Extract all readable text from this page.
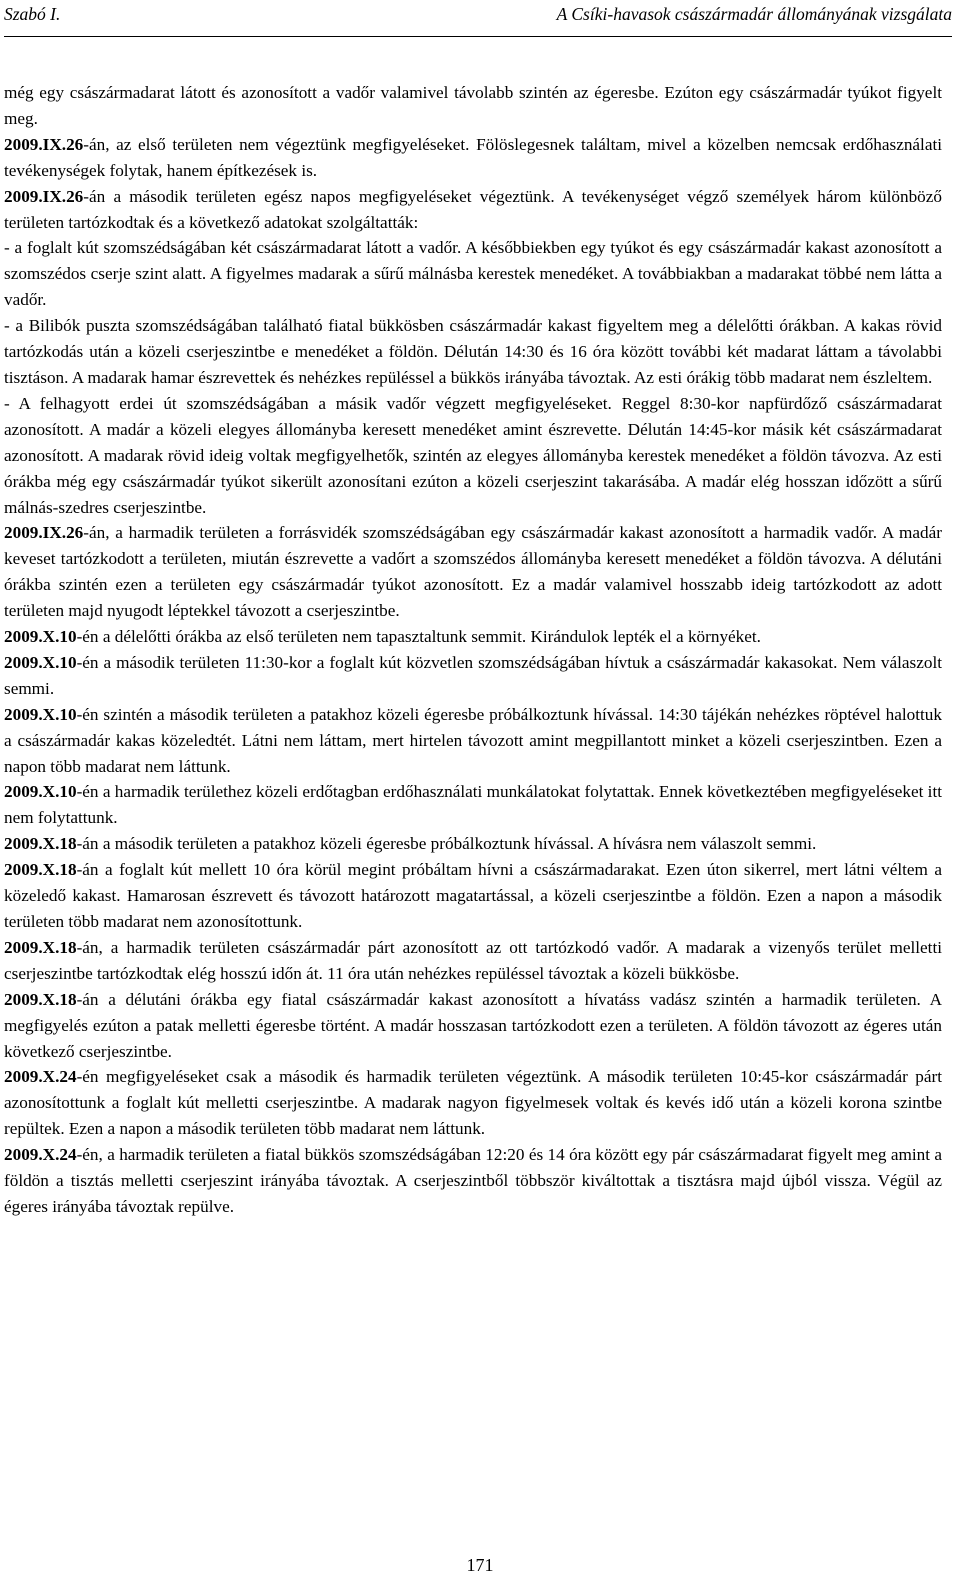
Szabó I.	A Csíki-havasok császármadár állományának vizsgálata

még egy császármadarat látott és azonosított a vadőr valamivel távolabb szintén az égeresbe. Ezúton egy császármadár tyúkot figyelt meg.

2009.IX.26-án, az első területen nem végeztünk megfigyeléseket. Fölöslegesnek találtam, mivel a közelben nemcsak erdőhasználati tevékenységek folytak, hanem építkezések is.

2009.IX.26-án a második területen egész napos megfigyeléseket végeztünk. A tevékenységet végző személyek három különböző területen tartózkodtak és a következő adatokat szolgáltatták:

- a foglalt kút szomszédságában két császármadarat látott a vadőr. A későbbiekben egy tyúkot és egy császármadár kakast azonosított a szomszédos cserje szint alatt. A figyelmes madarak a sűrű málnásba kerestek menedéket. A továbbiakban a madarakat többé nem látta a vadőr.

- a Bilibók puszta szomszédságában található fiatal bükkösben császármadár kakast figyeltem meg a délelőtti órákban. A kakas rövid tartózkodás után a közeli cserjeszintbe e menedéket a földön. Délután 14:30 és 16 óra között további két madarat láttam a távolabbi tisztáson. A madarak hamar észrevettek és nehézkes repüléssel a bükkös irányába távoztak. Az esti órákig több madarat nem észleltem.

- A felhagyott erdei út szomszédságában a másik vadőr végzett megfigyeléseket. Reggel 8:30-kor napfürdőző császármadarat azonosított. A madár a közeli elegyes állományba keresett menedéket amint észrevette. Délután 14:45-kor másik két császármadarat azonosított. A madarak rövid ideig voltak megfigyelhetők, szintén az elegyes állományba kerestek menedéket a földön távozva. Az esti órákba még egy császármadár tyúkot sikerült azonosítani ezúton a közeli cserjeszint takarásába. A madár elég hosszan időzött a sűrű málnás-szedres cserjeszintbe.

2009.IX.26-án, a harmadik területen a forrásvidék szomszédságában egy császármadár kakast azonosított a harmadik vadőr. A madár keveset tartózkodott a területen, miután észrevette a vadőrt a szomszédos állományba keresett menedéket a földön távozva. A délutáni órákba szintén ezen a területen egy császármadár tyúkot azonosított. Ez a madár valamivel hosszabb ideig tartózkodott az adott területen majd nyugodt léptekkel távozott a cserjeszintbe.

2009.X.10-én a délelőtti órákba az első területen nem tapasztaltunk semmit. Kirándulok lepték el a környéket.

2009.X.10-én a második területen 11:30-kor a foglalt kút közvetlen szomszédságában hívtuk a császármadár kakasokat. Nem válaszolt semmi.

2009.X.10-én szintén a második területen a patakhoz közeli égeresbe próbálkoztunk hívással. 14:30 tájékán nehézkes röptével halottuk a császármadár kakas közeledtét. Látni nem láttam, mert hirtelen távozott amint megpillantott minket a közeli cserjeszintben. Ezen a napon több madarat nem láttunk.

2009.X.10-én a harmadik területhez közeli erdőtagban erdőhasználati munkálatokat folytattak. Ennek következtében megfigyeléseket itt nem folytattunk.

2009.X.18-án a második területen a patakhoz közeli égeresbe próbálkoztunk hívással. A hívásra nem válaszolt semmi.

2009.X.18-án a foglalt kút mellett 10 óra körül megint próbáltam hívni a császármadarakat. Ezen úton sikerrel, mert látni véltem a közeledő kakast. Hamarosan észrevett és távozott határozott magatartással, a közeli cserjeszintbe a földön. Ezen a napon a második területen több madarat nem azonosítottunk.

2009.X.18-án, a harmadik területen császármadár párt azonosított az ott tartózkodó vadőr. A madarak a vizenyős terület melletti cserjeszintbe tartózkodtak elég hosszú időn át. 11 óra után nehézkes repüléssel távoztak a közeli bükkösbe.

2009.X.18-án a délutáni órákba egy fiatal császármadár kakast azonosított a hívatáss vadász szintén a harmadik területen. A megfigyelés ezúton a patak melletti égeresbe történt. A madár hosszasan tartózkodott ezen a területen. A földön távozott az égeres után következő cserjeszintbe.

2009.X.24-én megfigyeléseket csak a második és harmadik területen végeztünk. A második területen 10:45-kor császármadár párt azonosítottunk a foglalt kút melletti cserjeszintbe. A madarak nagyon figyelmesek voltak és kevés idő után a közeli korona szintbe repültek. Ezen a napon a második területen több madarat nem láttunk.

2009.X.24-én, a harmadik területen a fiatal bükkös szomszédságában 12:20 és 14 óra között egy pár császármadarat figyelt meg amint a földön a tisztás melletti cserjeszint irányába távoztak. A cserjeszintből többször kiváltottak a tisztásra majd újból vissza. Végül az égeres irányába távoztak repülve.

171
